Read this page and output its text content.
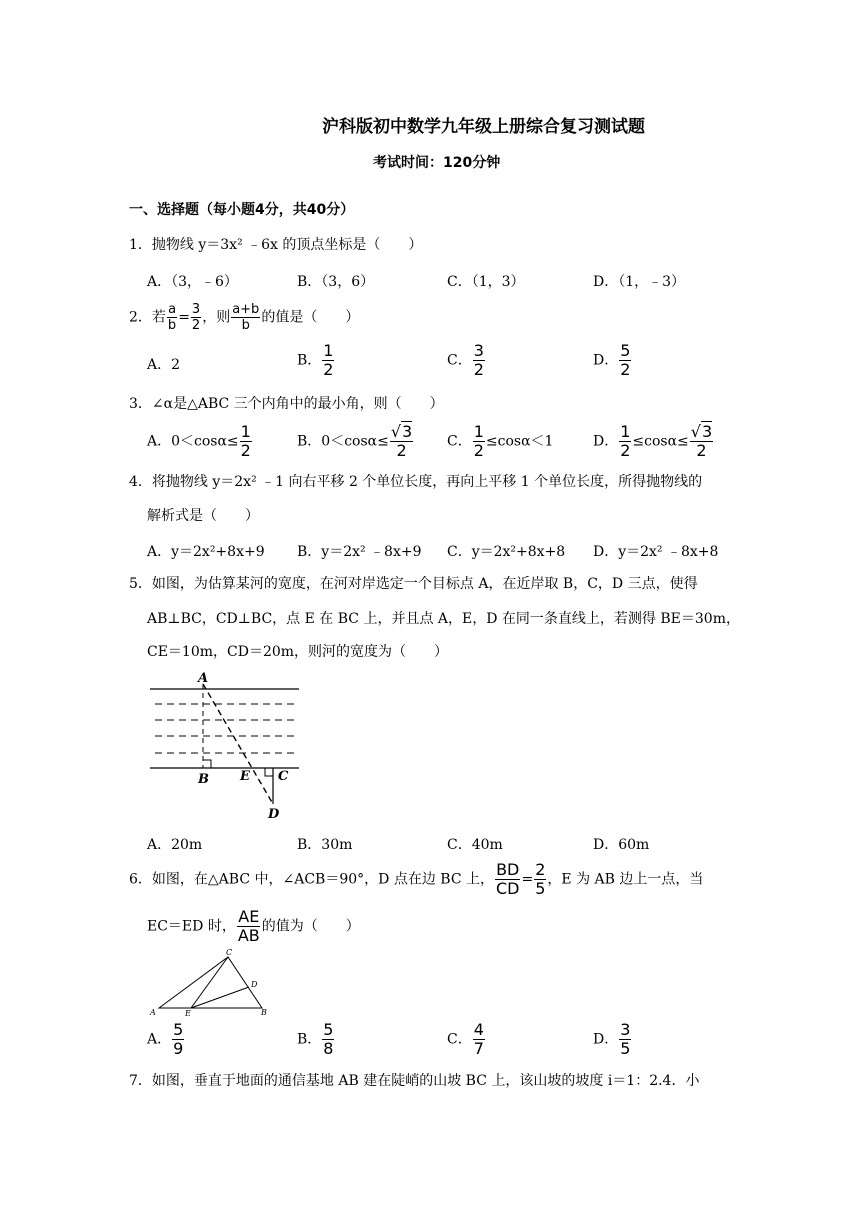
沪科版初中数学九年级上册综合复习测试题
考试时间：120分钟
一、选择题（每小题4分，共40分）
1．抛物线 y＝3x² ﹣6x 的顶点坐标是（　　）
A．（3，﹣6）	B．（3，6）	C．（1，3）	D．（1，﹣3）
2．若 $\frac{a}{b} = \frac{3}{2}$ ，则 $\frac{a+b}{b}$ 的值是（　　）
A．2	B． $\frac{1}{2}$	C． $\frac{3}{2}$	D． $\frac{5}{2}$
3．∠α是△ABC 三个内角中的最小角，则（　　）
A．$0<\cos\alpha\le \frac{1}{2}$	B．$0<\cos\alpha\le \frac{√3}{2}$ C． $\frac{1}{2} \le\cos\alpha<1$	D． $\frac{1}{2} \le\cos\alpha\le \frac{√3}{2}$
4．将抛物线 y＝2x² ﹣1 向右平移 2 个单位长度，再向上平移 1 个单位长度，所得抛物线的
解析式是（　　）
A．y＝2x²+8x+9 B．y＝2x² ﹣8x+9 C．y＝2x²+8x+8 D．y＝2x² ﹣8x+8
5．如图，为估算某河的宽度，在河对岸选定一个目标点 A，在近岸取 B，C，D 三点，使得
AB⊥BC，CD⊥BC，点 E 在 BC 上，并且点 A，E，D 在同一条直线上，若测得 BE＝30m，
CE＝10m，CD＝20m，则河的宽度为（　　）
A
B E C
D
A．20m	B．30m	C．40m	D．60m
6．如图，在△ABC 中，∠ACB＝90°，D 点在边 BC 上， $\frac{BD}{CD} = \frac{2}{5}$ ，E 为 AB 边上一点，当
EC＝ED 时， $\frac{AE}{AB}$ 的值为（　　）
A
C
D
B
E
A． $\frac{5}{9}$	B． $\frac{5}{8}$	C． $\frac{4}{7}$	D． $\frac{3}{5}$
7．如图，垂直于地面的通信基地 AB 建在陡峭的山坡 BC 上，该山坡的坡度 i＝1：2.4．小
